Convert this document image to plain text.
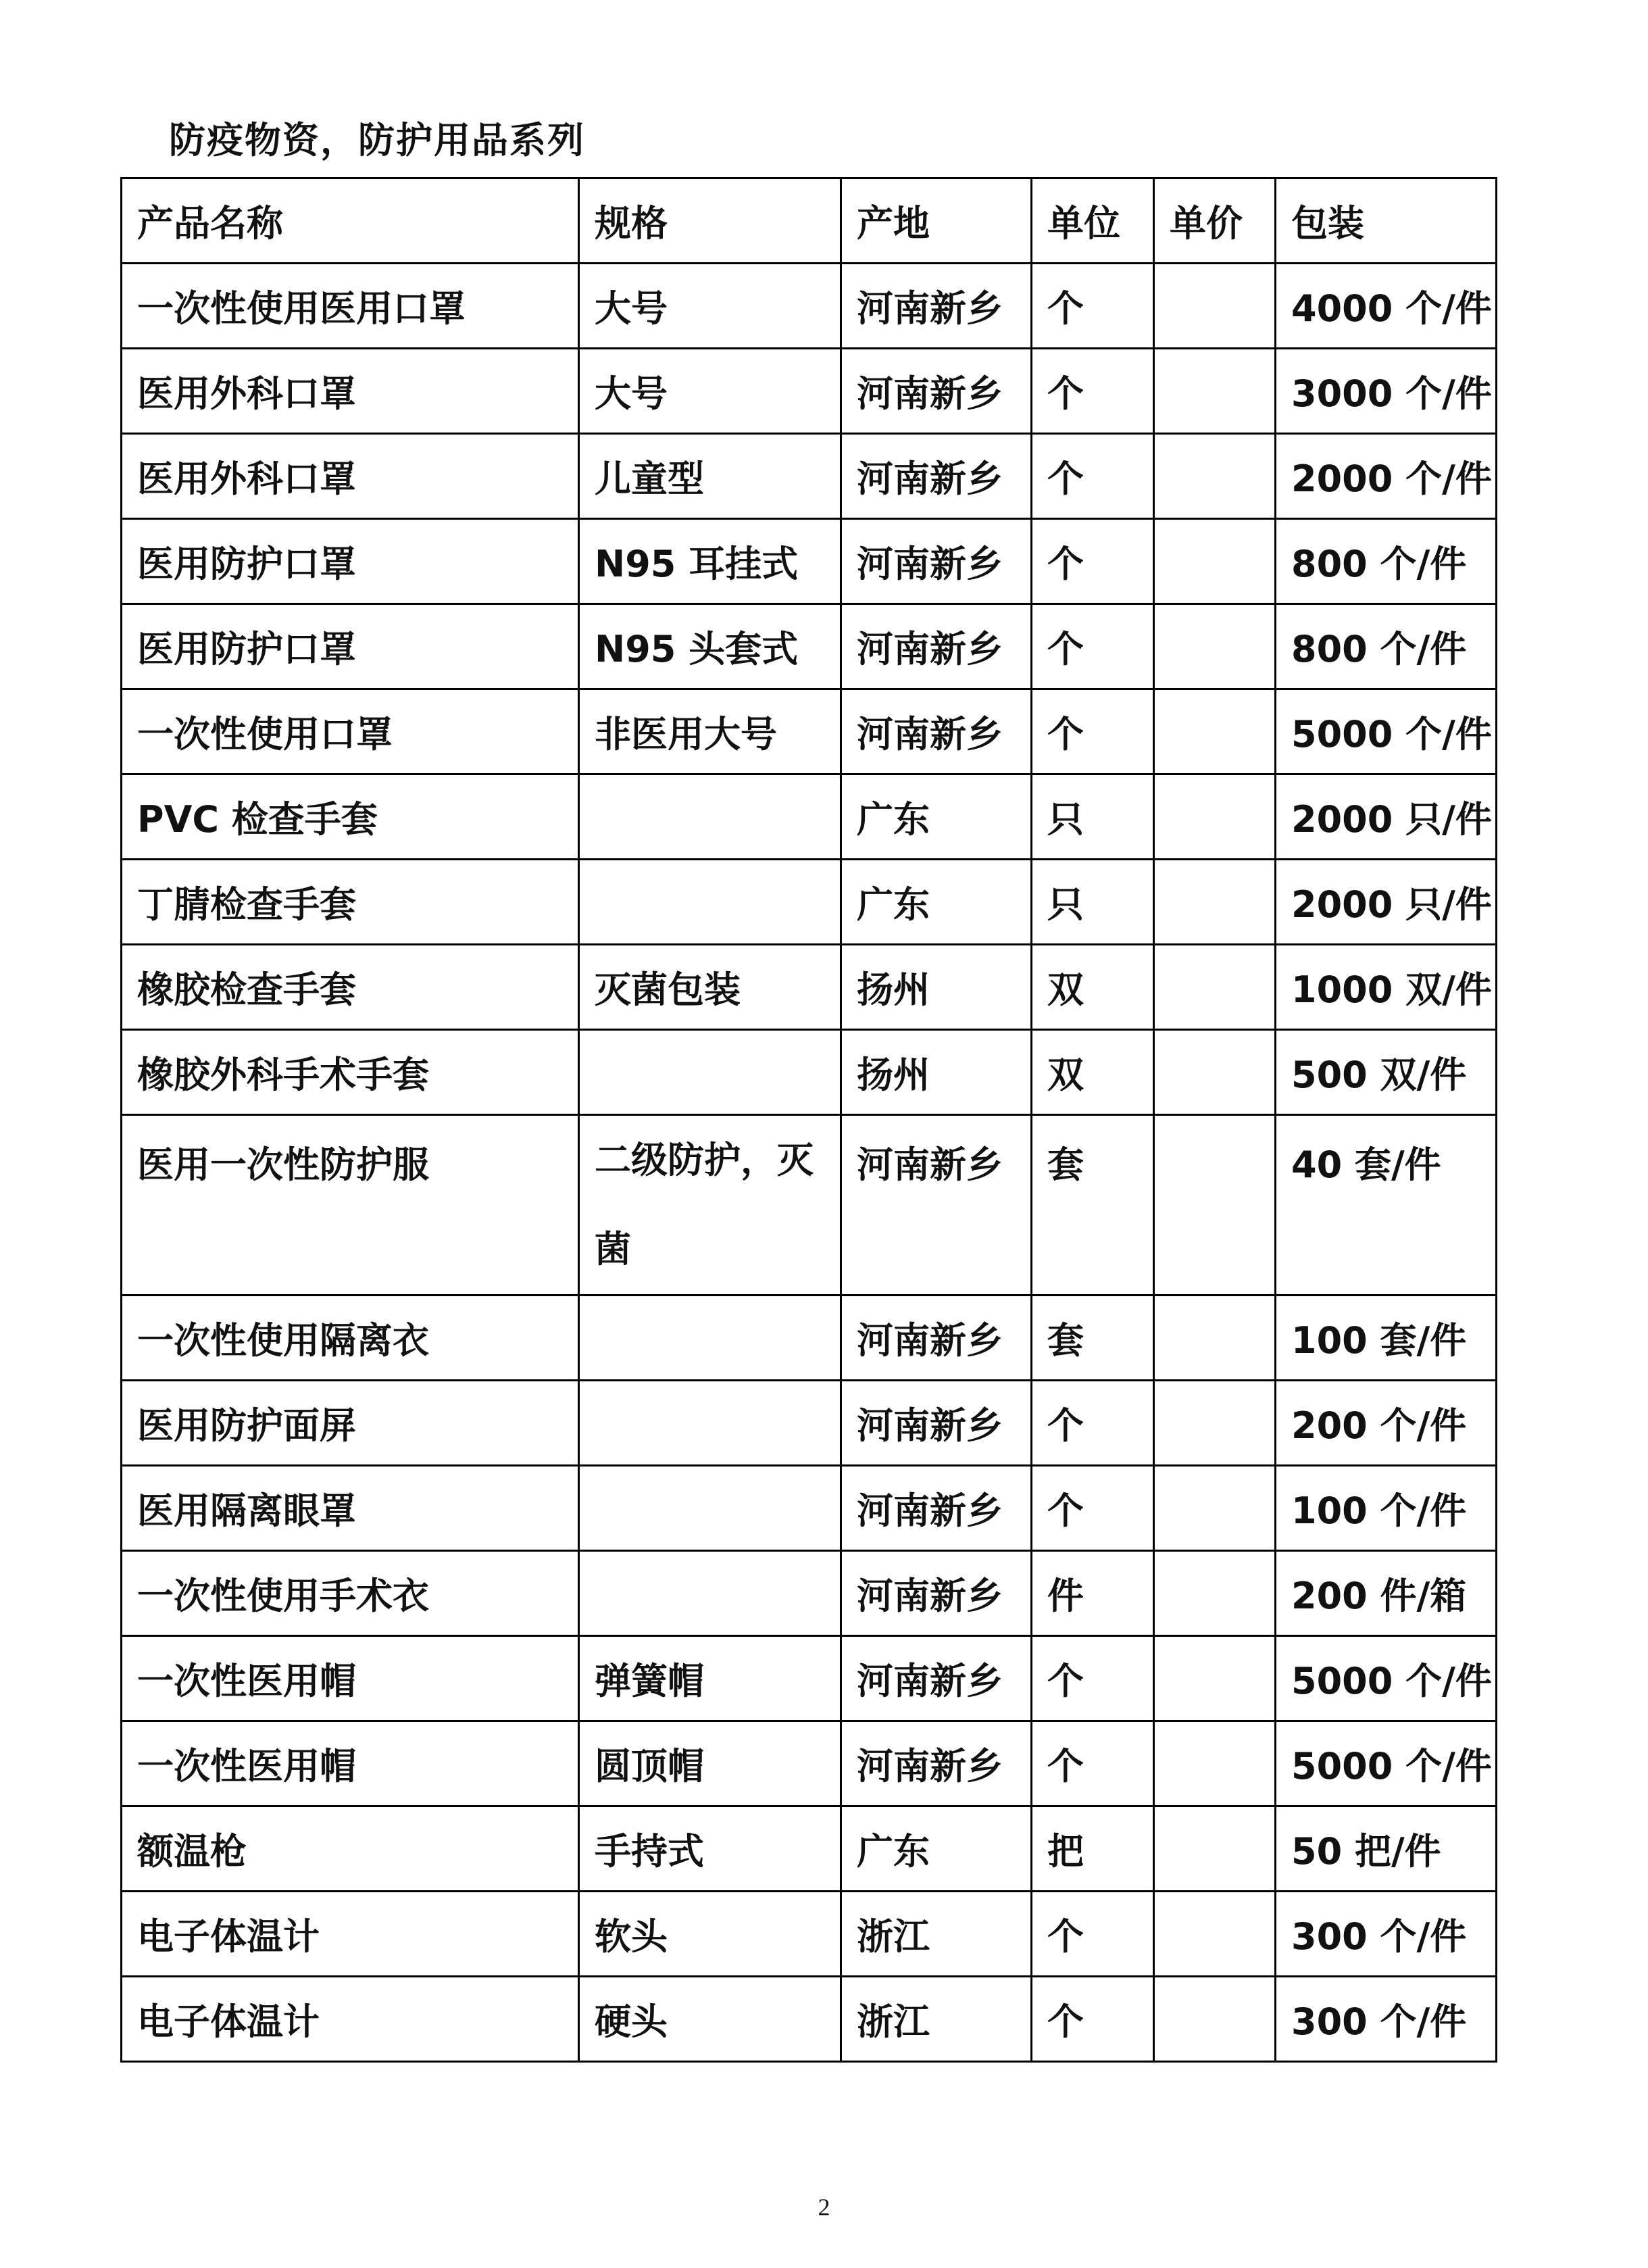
防疫物资，防护用品系列
产品名称	规格	产地	单位	单价	包装
一次性使用医用口罩	大号	河南新乡	个		4000 个/件
医用外科口罩	大号	河南新乡	个		3000 个/件
医用外科口罩	儿童型	河南新乡	个		2000 个/件
医用防护口罩	N95 耳挂式	河南新乡	个		800 个/件
医用防护口罩	N95 头套式	河南新乡	个		800 个/件
一次性使用口罩	非医用大号	河南新乡	个		5000 个/件
PVC 检查手套		广东	只		2000 只/件
丁腈检查手套		广东	只		2000 只/件
橡胶检查手套	灭菌包装	扬州	双		1000 双/件
橡胶外科手术手套		扬州	双		500 双/件
医用一次性防护服	二级防护，灭菌	河南新乡	套		40 套/件
一次性使用隔离衣		河南新乡	套		100 套/件
医用防护面屏		河南新乡	个		200 个/件
医用隔离眼罩		河南新乡	个		100 个/件
一次性使用手术衣		河南新乡	件		200 件/箱
一次性医用帽	弹簧帽	河南新乡	个		5000 个/件
一次性医用帽	圆顶帽	河南新乡	个		5000 个/件
额温枪	手持式	广东	把		50 把/件
电子体温计	软头	浙江	个		300 个/件
电子体温计	硬头	浙江	个		300 个/件
2
